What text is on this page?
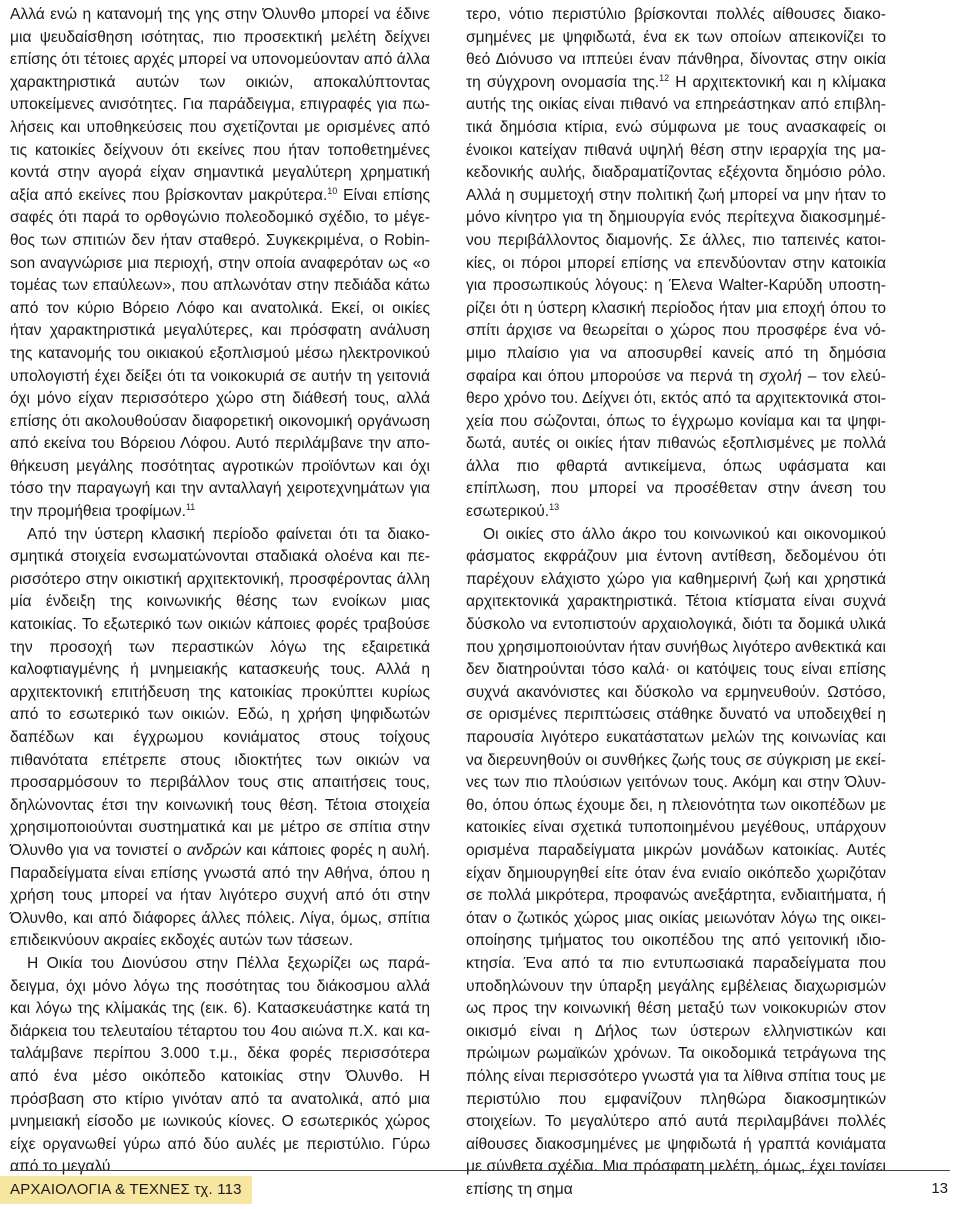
Αλλά ενώ η κατανομή της γης στην Όλυνθο μπορεί να έδινε μια ψευδαίσθηση ισότητας, πιο προσεκτική μελέτη δείχνει επίσης ότι τέτοιες αρχές μπορεί να υπονομεύονταν από άλλα χαρακτηριστικά αυτών των οικιών, αποκαλύπτοντας υποκείμενες ανισότητες. Για παράδειγμα, επιγραφές για πωλήσεις και υποθηκεύσεις που σχετίζονται με ορισμένες από τις κατοικίες δείχνουν ότι εκείνες που ήταν τοποθετημένες κοντά στην αγορά είχαν σημαντικά μεγαλύτερη χρηματική αξία από εκείνες που βρίσκονταν μακρύτερα.$^{10}$ Είναι επίσης σαφές ότι παρά το ορθογώνιο πολεοδομικό σχέδιο, το μέγεθος των σπιτιών δεν ήταν σταθερό. Συγκεκριμένα, ο Robinson αναγνώρισε μια περιοχή, στην οποία αναφερόταν ως «ο τομέας των επαύλεων», που απλωνόταν στην πεδιάδα κάτω από τον κύριο Βόρειο Λόφο και ανατολικά. Εκεί, οι οικίες ήταν χαρακτηριστικά μεγαλύτερες, και πρόσφατη ανάλυση της κατανομής του οικιακού εξοπλισμού μέσω ηλεκτρονικού υπολογιστή έχει δείξει ότι τα νοικοκυριά σε αυτήν τη γειτονιά όχι μόνο είχαν περισσότερο χώρο στη διάθεσή τους, αλλά επίσης ότι ακολουθούσαν διαφορετική οικονομική οργάνωση από εκείνα του Βόρειου Λόφου. Αυτό περιλάμβανε την αποθήκευση μεγάλης ποσότητας αγροτικών προϊόντων και όχι τόσο την παραγωγή και την ανταλλαγή χειροτεχνημάτων για την προμήθεια τροφίμων.$^{11}$

Από την ύστερη κλασική περίοδο φαίνεται ότι τα διακοσμητικά στοιχεία ενσωματώνονται σταδιακά ολοένα και περισσότερο στην οικιστική αρχιτεκτονική, προσφέροντας άλλη μία ένδειξη της κοινωνικής θέσης των ενοίκων μιας κατοικίας. Το εξωτερικό των οικιών κάποιες φορές τραβούσε την προσοχή των περαστικών λόγω της εξαιρετικά καλοφτιαγμένης ή μνημειακής κατασκευής τους. Αλλά η αρχιτεκτονική επιτήδευση της κατοικίας προκύπτει κυρίως από το εσωτερικό των οικιών. Εδώ, η χρήση ψηφιδωτών δαπέδων και έγχρωμου κονιάματος στους τοίχους πιθανότατα επέτρεπε στους ιδιοκτήτες των οικιών να προσαρμόσουν το περιβάλλον τους στις απαιτήσεις τους, δηλώνοντας έτσι την κοινωνική τους θέση. Τέτοια στοιχεία χρησιμοποιούνται συστηματικά και με μέτρο σε σπίτια στην Όλυνθο για να τονιστεί ο ανδρών και κάποιες φορές η αυλή. Παραδείγματα είναι επίσης γνωστά από την Αθήνα, όπου η χρήση τους μπορεί να ήταν λιγότερο συχνή από ότι στην Όλυνθο, και από διάφορες άλλες πόλεις. Λίγα, όμως, σπίτια επιδεικνύουν ακραίες εκδοχές αυτών των τάσεων.

Η Οικία του Διονύσου στην Πέλλα ξεχωρίζει ως παράδειγμα, όχι μόνο λόγω της ποσότητας του διάκοσμου αλλά και λόγω της κλίμακάς της (εικ. 6). Κατασκευάστηκε κατά τη διάρκεια του τελευταίου τέταρτου του 4ου αιώνα π.Χ. και καταλάμβανε περίπου 3.000 τ.μ., δέκα φορές περισσότερα από ένα μέσο οικόπεδο κατοικίας στην Όλυνθο. Η πρόσβαση στο κτίριο γινόταν από τα ανατολικά, από μια μνημειακή είσοδο με ιωνικούς κίονες. Ο εσωτερικός χώρος είχε οργανωθεί γύρω από δύο αυλές με περιστύλιο. Γύρω από το μεγαλύ

τερο, νότιο περιστύλιο βρίσκονται πολλές αίθουσες διακοσμημένες με ψηφιδωτά, ένα εκ των οποίων απεικονίζει το θεό Διόνυσο να ιππεύει έναν πάνθηρα, δίνοντας στην οικία τη σύγχρονη ονομασία της.$^{12}$ Η αρχιτεκτονική και η κλίμακα αυτής της οικίας είναι πιθανό να επηρεάστηκαν από επιβλητικά δημόσια κτίρια, ενώ σύμφωνα με τους ανασκαφείς οι ένοικοι κατείχαν πιθανά υψηλή θέση στην ιεραρχία της μακεδονικής αυλής, διαδραματίζοντας εξέχοντα δημόσιο ρόλο. Αλλά η συμμετοχή στην πολιτική ζωή μπορεί να μην ήταν το μόνο κίνητρο για τη δημιουργία ενός περίτεχνα διακοσμημένου περιβάλλοντος διαμονής. Σε άλλες, πιο ταπεινές κατοικίες, οι πόροι μπορεί επίσης να επενδύονταν στην κατοικία για προσωπικούς λόγους: η Έλενα Walter-Καρύδη υποστηρίζει ότι η ύστερη κλασική περίοδος ήταν μια εποχή όπου το σπίτι άρχισε να θεωρείται ο χώρος που προσφέρε ένα νόμιμο πλαίσιο για να αποσυρθεί κανείς από τη δημόσια σφαίρα και όπου μπορούσε να περνά τη σχολή – τον ελεύθερο χρόνο του. Δείχνει ότι, εκτός από τα αρχιτεκτονικά στοιχεία που σώζονται, όπως το έγχρωμο κονίαμα και τα ψηφιδωτά, αυτές οι οικίες ήταν πιθανώς εξοπλισμένες με πολλά άλλα πιο φθαρτά αντικείμενα, όπως υφάσματα και επίπλωση, που μπορεί να προσέθεταν στην άνεση του εσωτερικού.$^{13}$

Οι οικίες στο άλλο άκρο του κοινωνικού και οικονομικού φάσματος εκφράζουν μια έντονη αντίθεση, δεδομένου ότι παρέχουν ελάχιστο χώρο για καθημερινή ζωή και χρηστικά αρχιτεκτονικά χαρακτηριστικά. Τέτοια κτίσματα είναι συχνά δύσκολο να εντοπιστούν αρχαιολογικά, διότι τα δομικά υλικά που χρησιμοποιούνταν ήταν συνήθως λιγότερο ανθεκτικά και δεν διατηρούνται τόσο καλά· οι κατόψεις τους είναι επίσης συχνά ακανόνιστες και δύσκολο να ερμηνευθούν. Ωστόσο, σε ορισμένες περιπτώσεις στάθηκε δυνατό να υποδειχθεί η παρουσία λιγότερο ευκατάστατων μελών της κοινωνίας και να διερευνηθούν οι συνθήκες ζωής τους σε σύγκριση με εκείνες των πιο πλούσιων γειτόνων τους. Ακόμη και στην Όλυνθο, όπου όπως έχουμε δει, η πλειονότητα των οικοπέδων με κατοικίες είναι σχετικά τυποποιημένου μεγέθους, υπάρχουν ορισμένα παραδείγματα μικρών μονάδων κατοικίας. Αυτές είχαν δημιουργηθεί είτε όταν ένα ενιαίο οικόπεδο χωριζόταν σε πολλά μικρότερα, προφανώς ανεξάρτητα, ενδιαιτήματα, ή όταν ο ζωτικός χώρος μιας οικίας μειωνόταν λόγω της οικειοποίησης τμήματος του οικοπέδου της από γειτονική ιδιοκτησία. Ένα από τα πιο εντυπωσιακά παραδείγματα που υποδηλώνουν την ύπαρξη μεγάλης εμβέλειας διαχωρισμών ως προς την κοινωνική θέση μεταξύ των νοικοκυριών στον οικισμό είναι η Δήλος των ύστερων ελληνιστικών και πρώιμων ρωμαϊκών χρόνων. Τα οικοδομικά τετράγωνα της πόλης είναι περισσότερο γνωστά για τα λίθινα σπίτια τους με περιστύλιο που εμφανίζουν πληθώρα διακοσμητικών στοιχείων. Το μεγαλύτερο από αυτά περιλαμβάνει πολλές αίθουσες διακοσμημένες με ψηφιδωτά ή γραπτά κονιάματα με σύνθετα σχέδια. Μια πρόσφατη μελέτη, όμως, έχει τονίσει επίσης τη σημα

ΑΡΧΑΙΟΛΟΓΙΑ & ΤΕΧΝΕΣ τχ. 113	13
